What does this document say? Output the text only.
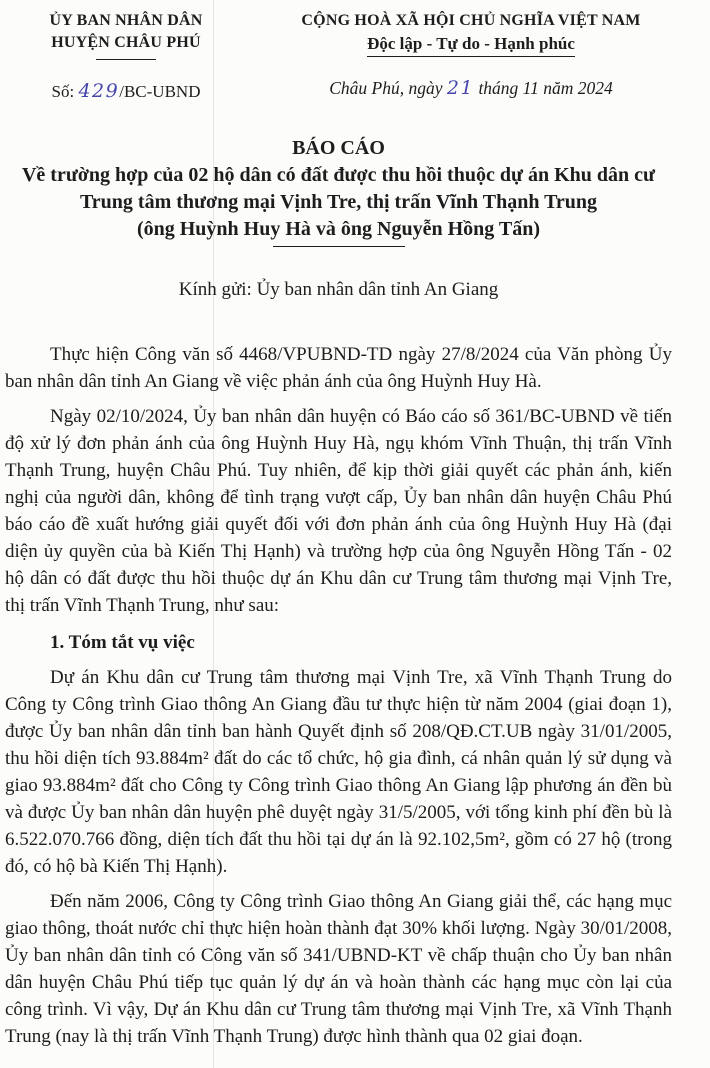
ỦY BAN NHÂN DÂN
HUYỆN CHÂU PHÚ
Số: 429/BC-UBND
CỘNG HOÀ XÃ HỘI CHỦ NGHĨA VIỆT NAM
Độc lập - Tự do - Hạnh phúc
Châu Phú, ngày 21 tháng 11 năm 2024
BÁO CÁO
Về trường hợp của 02 hộ dân có đất được thu hồi thuộc dự án Khu dân cư
Trung tâm thương mại Vịnh Tre, thị trấn Vĩnh Thạnh Trung
(ông Huỳnh Huy Hà và ông Nguyễn Hồng Tấn)
Kính gửi: Ủy ban nhân dân tỉnh An Giang

Thực hiện Công văn số 4468/VPUBND-TD ngày 27/8/2024 của Văn phòng Ủy ban nhân dân tỉnh An Giang về việc phản ánh của ông Huỳnh Huy Hà.

Ngày 02/10/2024, Ủy ban nhân dân huyện có Báo cáo số 361/BC-UBND về tiến độ xử lý đơn phản ánh của ông Huỳnh Huy Hà, ngụ khóm Vĩnh Thuận, thị trấn Vĩnh Thạnh Trung, huyện Châu Phú. Tuy nhiên, để kịp thời giải quyết các phản ánh, kiến nghị của người dân, không để tình trạng vượt cấp, Ủy ban nhân dân huyện Châu Phú báo cáo đề xuất hướng giải quyết đối với đơn phản ánh của ông Huỳnh Huy Hà (đại diện ủy quyền của bà Kiến Thị Hạnh) và trường hợp của ông Nguyễn Hồng Tấn - 02 hộ dân có đất được thu hồi thuộc dự án Khu dân cư Trung tâm thương mại Vịnh Tre, thị trấn Vĩnh Thạnh Trung, như sau:

1. Tóm tắt vụ việc

Dự án Khu dân cư Trung tâm thương mại Vịnh Tre, xã Vĩnh Thạnh Trung do Công ty Công trình Giao thông An Giang đầu tư thực hiện từ năm 2004 (giai đoạn 1), được Ủy ban nhân dân tỉnh ban hành Quyết định số 208/QĐ.CT.UB ngày 31/01/2005, thu hồi diện tích 93.884m² đất do các tổ chức, hộ gia đình, cá nhân quản lý sử dụng và giao 93.884m² đất cho Công ty Công trình Giao thông An Giang lập phương án đền bù và được Ủy ban nhân dân huyện phê duyệt ngày 31/5/2005, với tổng kinh phí đền bù là 6.522.070.766 đồng, diện tích đất thu hồi tại dự án là 92.102,5m², gồm có 27 hộ (trong đó, có hộ bà Kiến Thị Hạnh).

Đến năm 2006, Công ty Công trình Giao thông An Giang giải thể, các hạng mục giao thông, thoát nước chỉ thực hiện hoàn thành đạt 30% khối lượng. Ngày 30/01/2008, Ủy ban nhân dân tỉnh có Công văn số 341/UBND-KT về chấp thuận cho Ủy ban nhân dân huyện Châu Phú tiếp tục quản lý dự án và hoàn thành các hạng mục còn lại của công trình. Vì vậy, Dự án Khu dân cư Trung tâm thương mại Vịnh Tre, xã Vĩnh Thạnh Trung (nay là thị trấn Vĩnh Thạnh Trung) được hình thành qua 02 giai đoạn.
